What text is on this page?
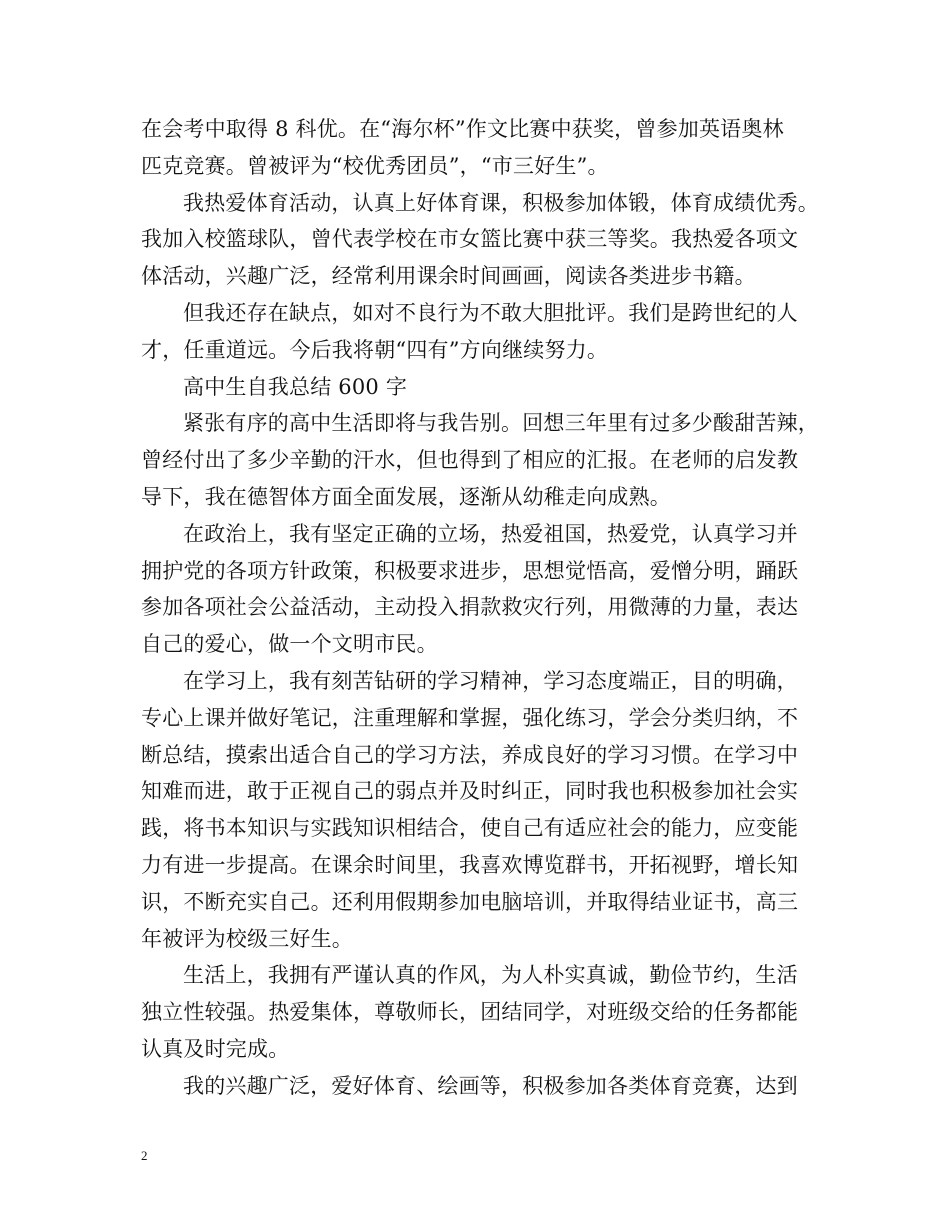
在会考中取得 8 科优。在“海尔杯”作文比赛中获奖，曾参加英语奥林
匹克竞赛。曾被评为“校优秀团员”，“市三好生”。
我热爱体育活动，认真上好体育课，积极参加体锻，体育成绩优秀。
我加入校篮球队，曾代表学校在市女篮比赛中获三等奖。我热爱各项文
体活动，兴趣广泛，经常利用课余时间画画，阅读各类进步书籍。
但我还存在缺点，如对不良行为不敢大胆批评。我们是跨世纪的人
才，任重道远。今后我将朝“四有”方向继续努力。
高中生自我总结 600 字
紧张有序的高中生活即将与我告别。回想三年里有过多少酸甜苦辣，
曾经付出了多少辛勤的汗水，但也得到了相应的汇报。在老师的启发教
导下，我在德智体方面全面发展，逐渐从幼稚走向成熟。
在政治上，我有坚定正确的立场，热爱祖国，热爱党，认真学习并
拥护党的各项方针政策，积极要求进步，思想觉悟高，爱憎分明，踊跃
参加各项社会公益活动，主动投入捐款救灾行列，用微薄的力量，表达
自己的爱心，做一个文明市民。
在学习上，我有刻苦钻研的学习精神，学习态度端正，目的明确，
专心上课并做好笔记，注重理解和掌握，强化练习，学会分类归纳，不
断总结，摸索出适合自己的学习方法，养成良好的学习习惯。在学习中
知难而进，敢于正视自己的弱点并及时纠正，同时我也积极参加社会实
践，将书本知识与实践知识相结合，使自己有适应社会的能力，应变能
力有进一步提高。在课余时间里，我喜欢博览群书，开拓视野，增长知
识，不断充实自己。还利用假期参加电脑培训，并取得结业证书，高三
年被评为校级三好生。
生活上，我拥有严谨认真的作风，为人朴实真诚，勤俭节约，生活
独立性较强。热爱集体，尊敬师长，团结同学，对班级交给的任务都能
认真及时完成。
我的兴趣广泛，爱好体育、绘画等，积极参加各类体育竞赛，达到
2
